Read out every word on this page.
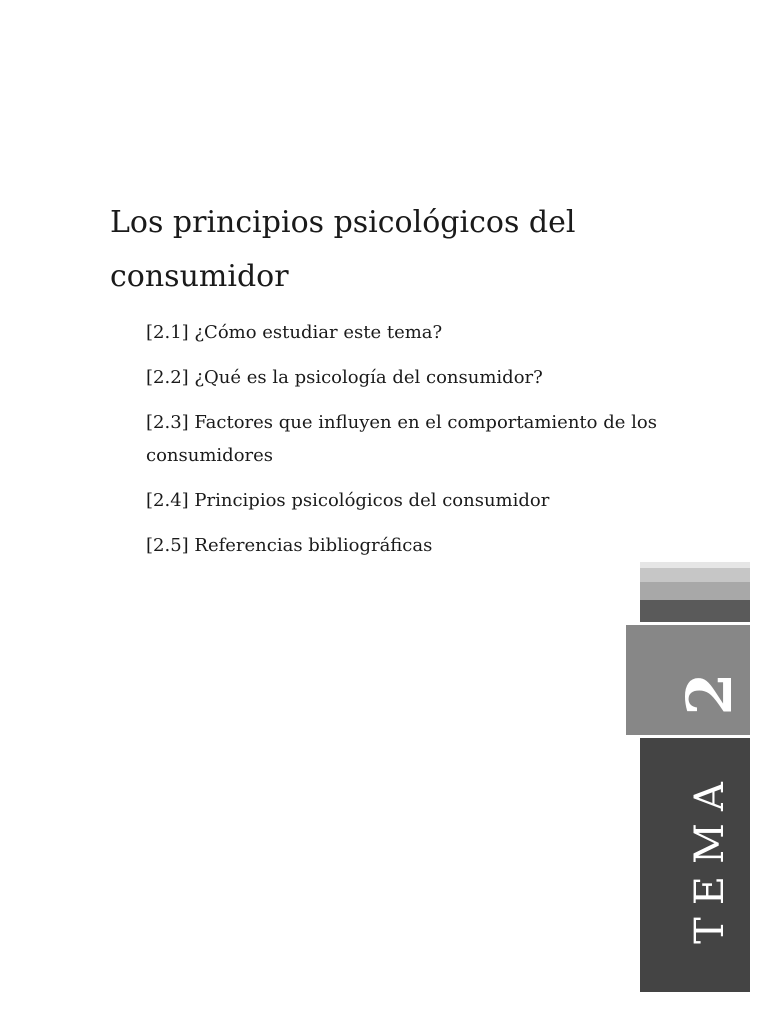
Los principios psicológicos del consumidor
[2.1] ¿Cómo estudiar este tema?
[2.2] ¿Qué es la psicología del consumidor?
[2.3] Factores que influyen en el comportamiento de los consumidores
[2.4] Principios psicológicos del consumidor
[2.5] Referencias bibliográficas
2
TEMA
